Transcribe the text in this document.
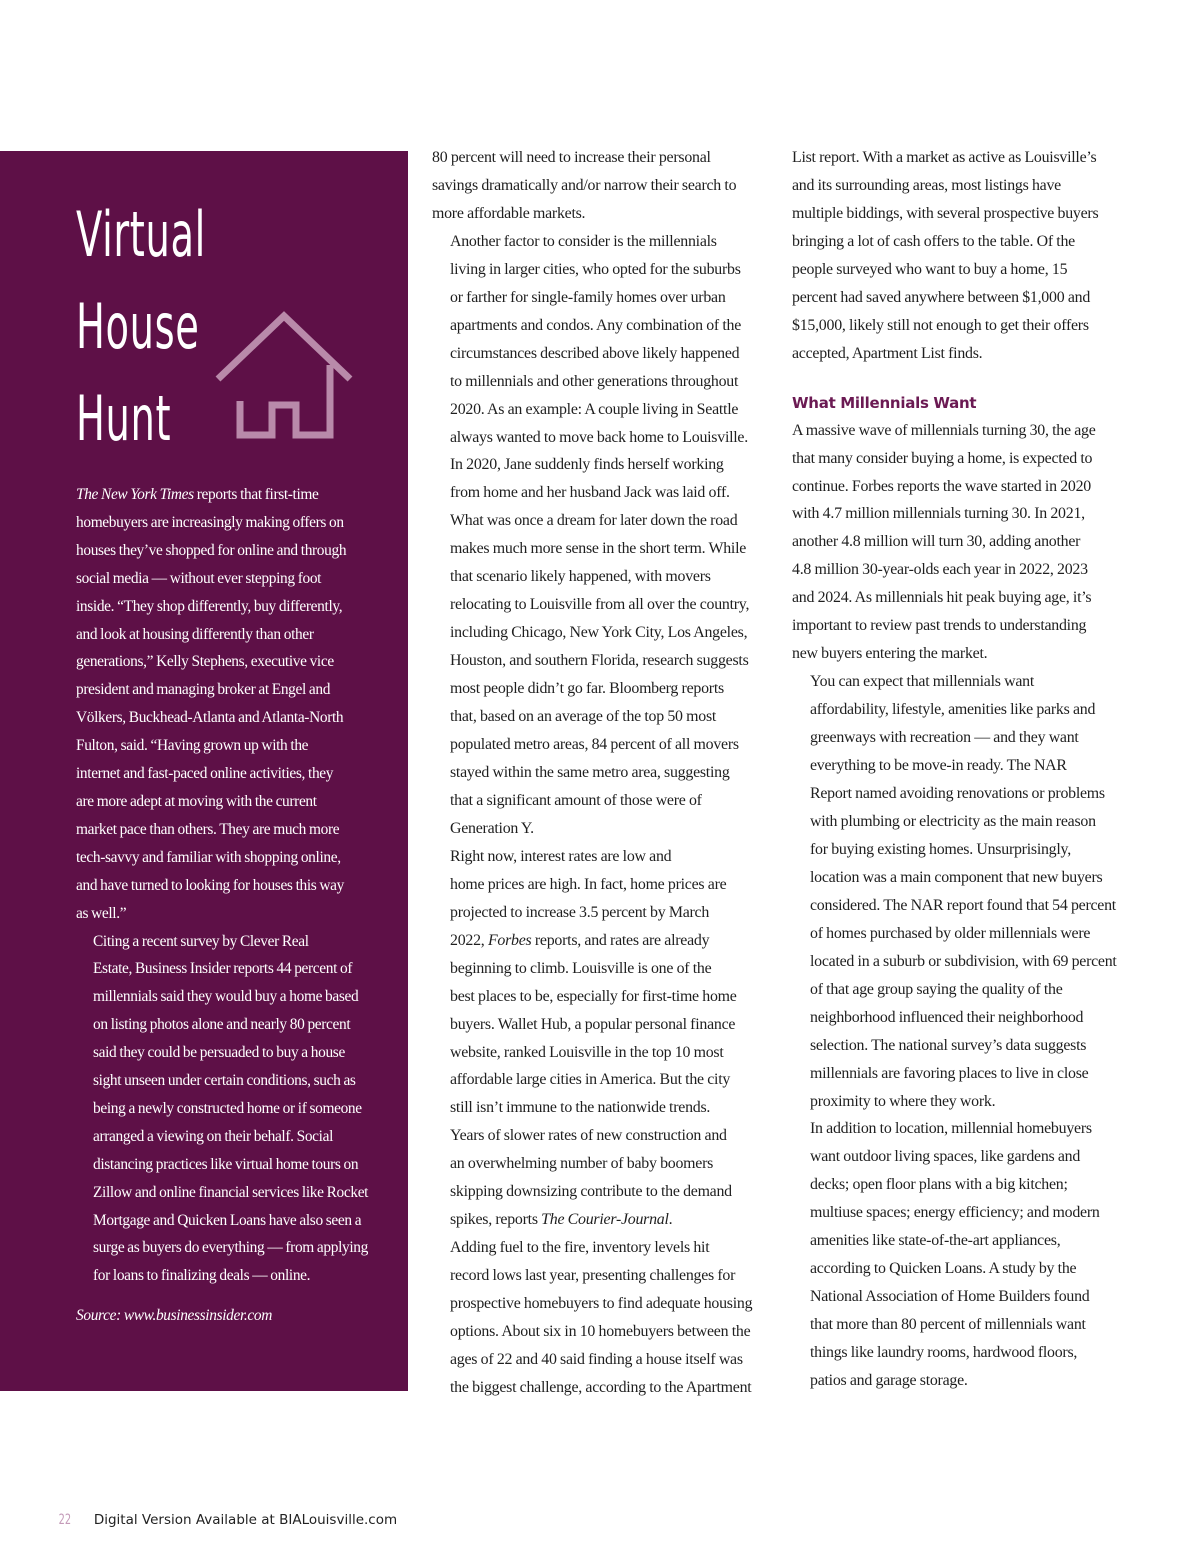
Virtual
House
Hunt

The New York Times reports that first-time
homebuyers are increasingly making offers on
houses they’ve shopped for online and through
social media — without ever stepping foot
inside. “They shop differently, buy differently,
and look at housing differently than other
generations,” Kelly Stephens, executive vice
president and managing broker at Engel and
Völkers, Buckhead-Atlanta and Atlanta-North
Fulton, said. “Having grown up with the
internet and fast-paced online activities, they
are more adept at moving with the current
market pace than others. They are much more
tech-savvy and familiar with shopping online,
and have turned to looking for houses this way
as well.”

Citing a recent survey by Clever Real
Estate, Business Insider reports 44 percent of
millennials said they would buy a home based
on listing photos alone and nearly 80 percent
said they could be persuaded to buy a house
sight unseen under certain conditions, such as
being a newly constructed home or if someone
arranged a viewing on their behalf. Social
distancing practices like virtual home tours on
Zillow and online financial services like Rocket
Mortgage and Quicken Loans have also seen a
surge as buyers do everything — from applying
for loans to finalizing deals — online.

Source: www.businessinsider.com

80 percent will need to increase their personal
savings dramatically and/or narrow their search to
more affordable markets.

Another factor to consider is the millennials
living in larger cities, who opted for the suburbs
or farther for single-family homes over urban
apartments and condos. Any combination of the
circumstances described above likely happened
to millennials and other generations throughout
2020. As an example: A couple living in Seattle
always wanted to move back home to Louisville.
In 2020, Jane suddenly finds herself working
from home and her husband Jack was laid off.
What was once a dream for later down the road
makes much more sense in the short term. While
that scenario likely happened, with movers
relocating to Louisville from all over the country,
including Chicago, New York City, Los Angeles,
Houston, and southern Florida, research suggests
most people didn’t go far. Bloomberg reports
that, based on an average of the top 50 most
populated metro areas, 84 percent of all movers
stayed within the same metro area, suggesting
that a significant amount of those were of
Generation Y.

Right now, interest rates are low and
home prices are high. In fact, home prices are
projected to increase 3.5 percent by March
2022, Forbes reports, and rates are already
beginning to climb. Louisville is one of the
best places to be, especially for first-time home
buyers. Wallet Hub, a popular personal finance
website, ranked Louisville in the top 10 most
affordable large cities in America. But the city
still isn’t immune to the nationwide trends.
Years of slower rates of new construction and
an overwhelming number of baby boomers
skipping downsizing contribute to the demand
spikes, reports The Courier-Journal.

Adding fuel to the fire, inventory levels hit
record lows last year, presenting challenges for
prospective homebuyers to find adequate housing
options. About six in 10 homebuyers between the
ages of 22 and 40 said finding a house itself was
the biggest challenge, according to the Apartment

List report. With a market as active as Louisville’s
and its surrounding areas, most listings have
multiple biddings, with several prospective buyers
bringing a lot of cash offers to the table. Of the
people surveyed who want to buy a home, 15
percent had saved anywhere between $1,000 and
$15,000, likely still not enough to get their offers
accepted, Apartment List finds.

What Millennials Want

A massive wave of millennials turning 30, the age
that many consider buying a home, is expected to
continue. Forbes reports the wave started in 2020
with 4.7 million millennials turning 30. In 2021,
another 4.8 million will turn 30, adding another
4.8 million 30-year-olds each year in 2022, 2023
and 2024. As millennials hit peak buying age, it’s
important to review past trends to understanding
new buyers entering the market.

You can expect that millennials want
affordability, lifestyle, amenities like parks and
greenways with recreation — and they want
everything to be move-in ready. The NAR
Report named avoiding renovations or problems
with plumbing or electricity as the main reason
for buying existing homes. Unsurprisingly,
location was a main component that new buyers
considered. The NAR report found that 54 percent
of homes purchased by older millennials were
located in a suburb or subdivision, with 69 percent
of that age group saying the quality of the
neighborhood influenced their neighborhood
selection. The national survey’s data suggests
millennials are favoring places to live in close
proximity to where they work.

In addition to location, millennial homebuyers
want outdoor living spaces, like gardens and
decks; open floor plans with a big kitchen;
multiuse spaces; energy efficiency; and modern
amenities like state-of-the-art appliances,
according to Quicken Loans. A study by the
National Association of Home Builders found
that more than 80 percent of millennials want
things like laundry rooms, hardwood floors,
patios and garage storage.

22 Digital Version Available at BIALouisville.com
